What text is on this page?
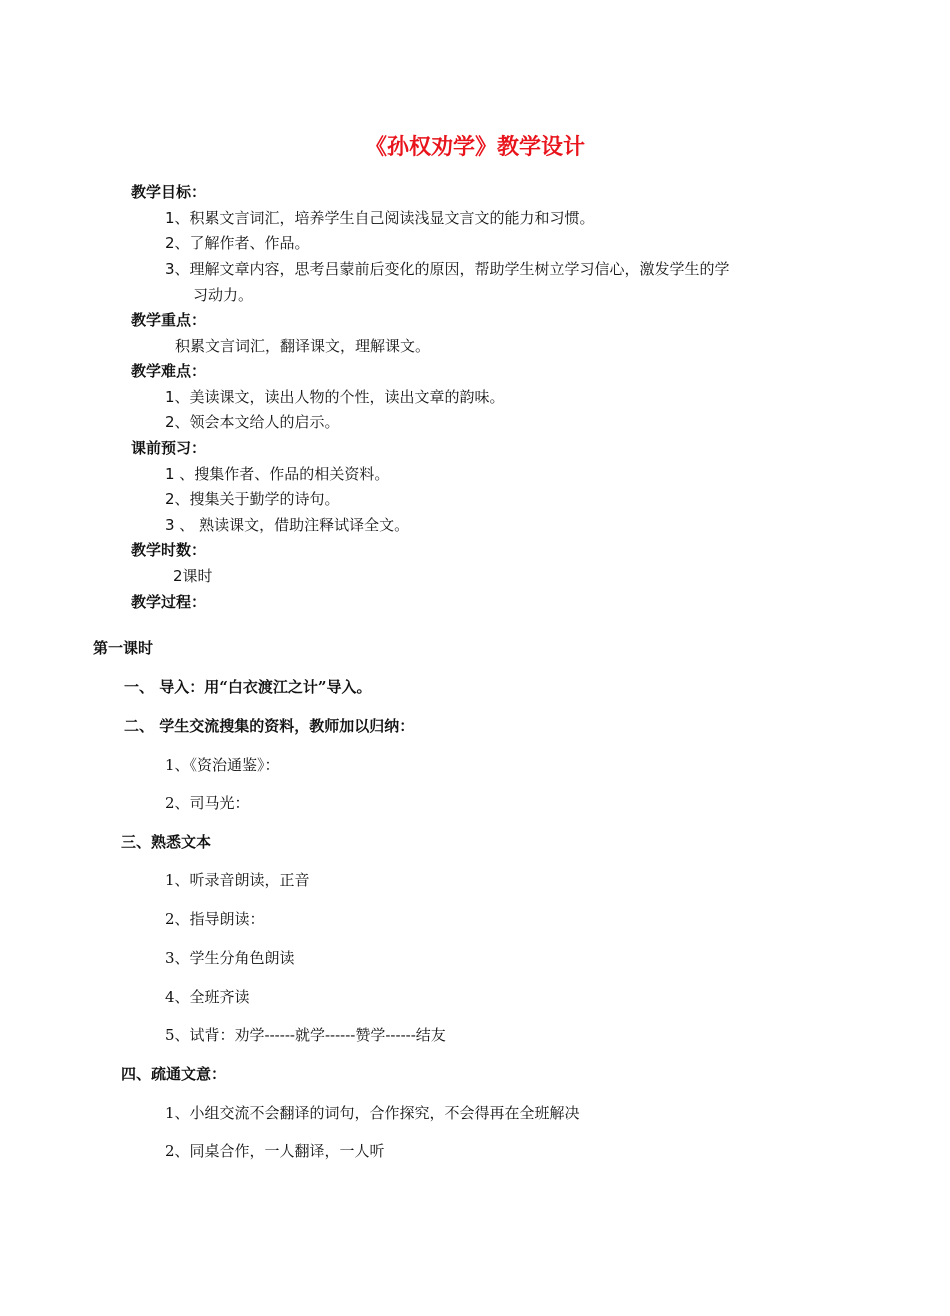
《孙权劝学》教学设计
教学目标：
1、积累文言词汇，培养学生自己阅读浅显文言文的能力和习惯。
2、了解作者、作品。
3、理解文章内容，思考吕蒙前后变化的原因，帮助学生树立学习信心，激发学生的学
习动力。
教学重点：
积累文言词汇，翻译课文，理解课文。
教学难点：
1、美读课文，读出人物的个性，读出文章的韵味。
2、领会本文给人的启示。
课前预习：
1 、搜集作者、作品的相关资料。
2、搜集关于勤学的诗句。
3 、 熟读课文，借助注释试译全文。
教学时数：
2课时
教学过程：
第一课时
一、 导入：用“白衣渡江之计”导入。
二、 学生交流搜集的资料，教师加以归纳：
1、《资治通鉴》：
2、司马光：
三、熟悉文本
1、听录音朗读，正音
2、指导朗读：
3、学生分角色朗读
4、全班齐读
5、试背：劝学------就学------赞学------结友
四、疏通文意：
1、小组交流不会翻译的词句，合作探究，不会得再在全班解决
2、同桌合作，一人翻译，一人听
